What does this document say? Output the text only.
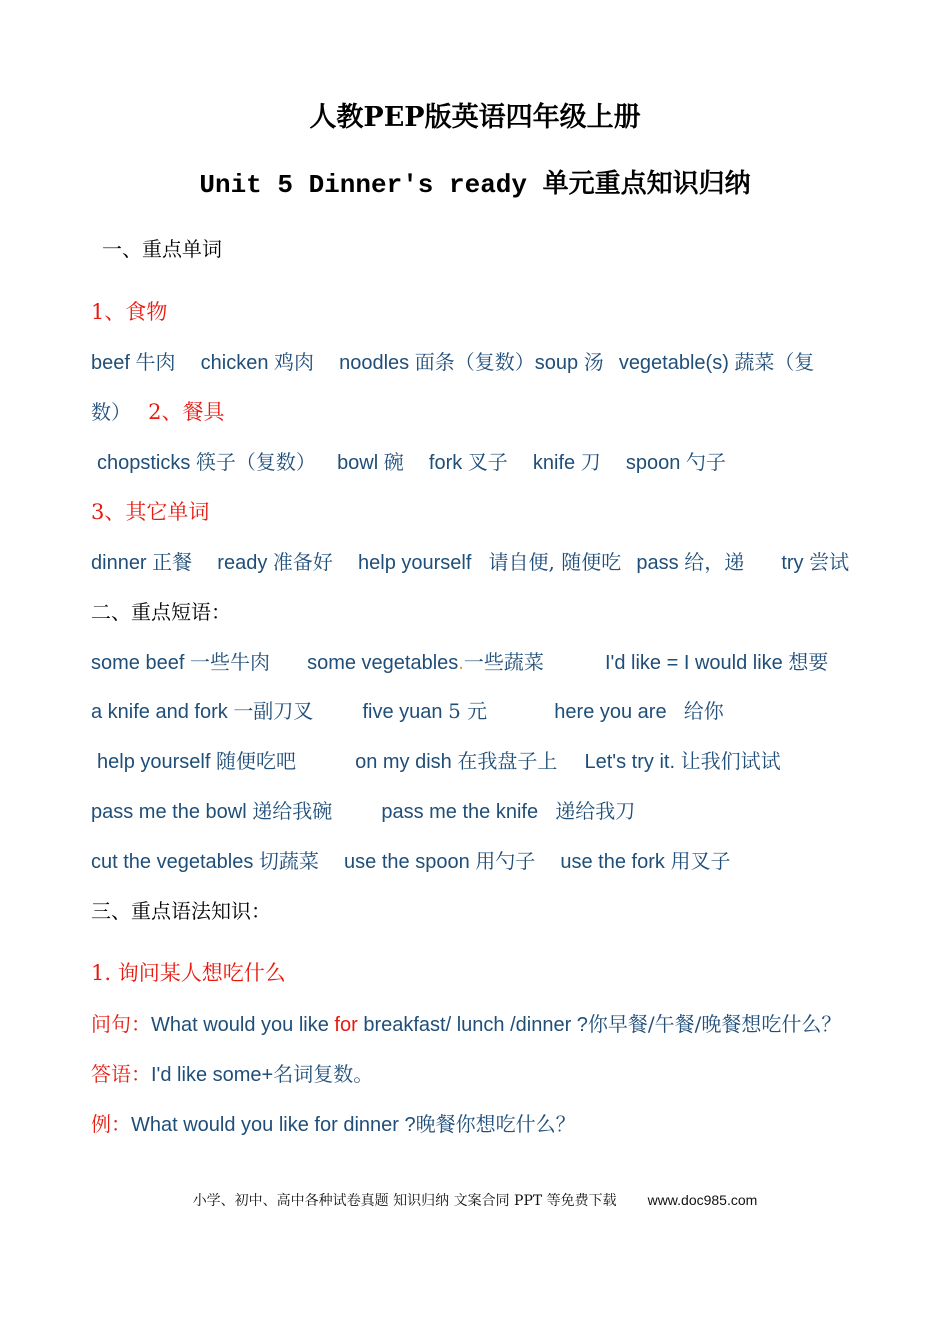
人教PEP版英语四年级上册
Unit 5 Dinner's ready 单元重点知识归纳
一、重点单词
1、食物
beef 牛肉 chicken 鸡肉 noodles 面条（复数）soup 汤 vegetable(s) 蔬菜（复
数） 2、餐具
chopsticks 筷子（复数） bowl 碗 fork 叉子 knife 刀 spoon 勺子
3、其它单词
dinner 正餐 ready 准备好 help yourself 请自便, 随便吃 pass 给，递 try 尝试
二、重点短语：
some beef 一些牛肉 some vegetables.一些蔬菜	I'd like = I would like 想要
a knife and fork 一副刀叉 five yuan 5 元	here you are 给你
help yourself 随便吃吧	on my dish 在我盘子上 Let's try it. 让我们试试
pass me the bowl 递给我碗 pass me the knife 递给我刀
cut the vegetables 切蔬菜 use the spoon 用勺子 use the fork 用叉子
三、重点语法知识：
1. 询问某人想吃什么
问句：What would you like for breakfast/ lunch /dinner ?你早餐/午餐/晚餐想吃什么？
答语：I'd like some+名词复数。
例：What would you like for dinner ?晚餐你想吃什么？
小学、初中、高中各种试卷真题 知识归纳 文案合同 PPT 等免费下载 www.doc985.com
